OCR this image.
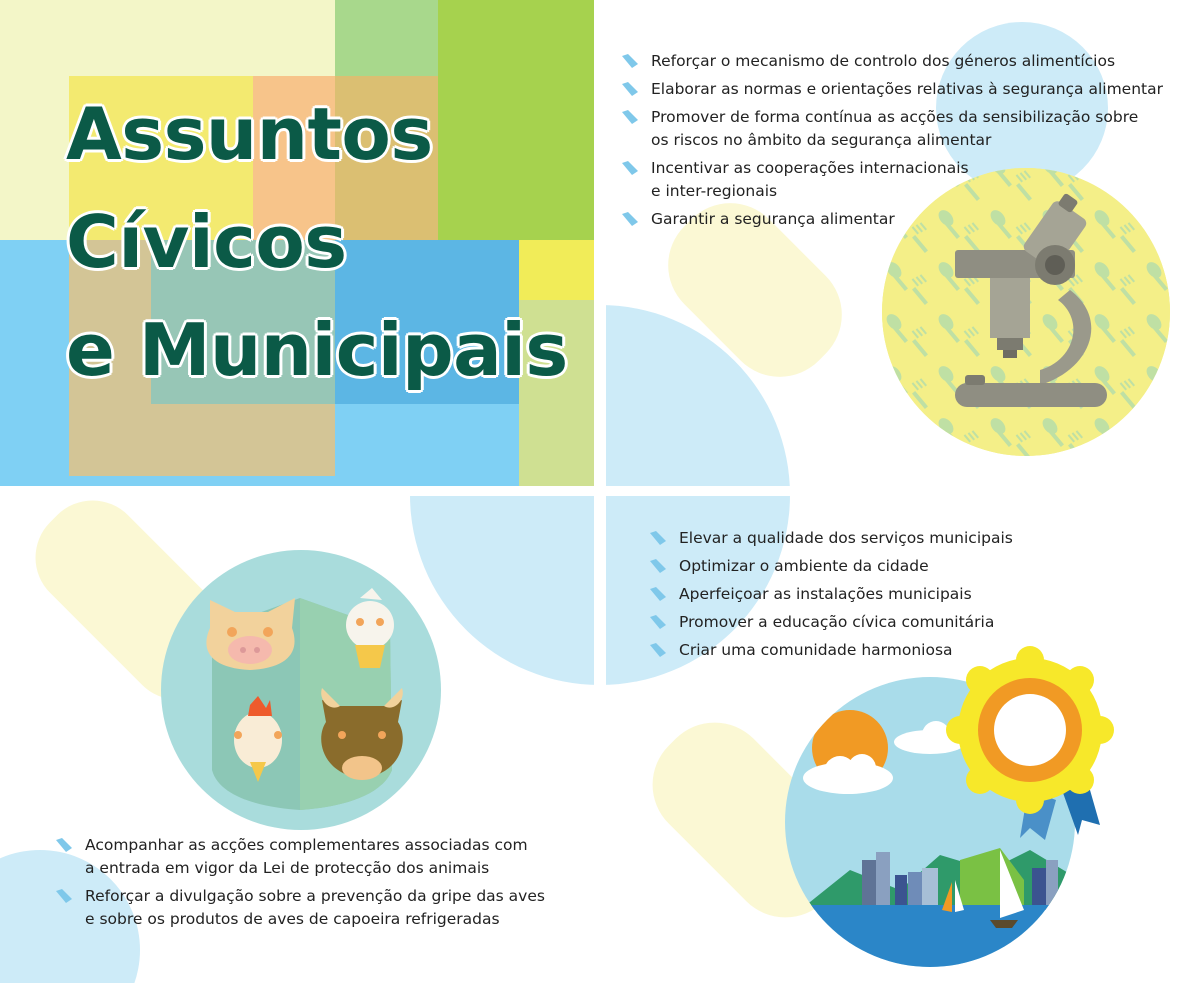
Assuntos
Cívicos
e Municipais
Reforçar o mecanismo de controlo dos géneros alimentícios
Elaborar as normas e orientações relativas à segurança alimentar
Promover de forma contínua as acções da sensibilização sobre
os riscos no âmbito da segurança alimentar
Incentivar as cooperações internacionais
e inter-regionais
Garantir a segurança alimentar
Elevar a qualidade dos serviços municipais
Optimizar o ambiente da cidade
Aperfeiçoar as instalações municipais
Promover a educação cívica comunitária
Criar uma comunidade harmoniosa
Acompanhar as acções complementares associadas com
a entrada em vigor da Lei de protecção dos animais
Reforçar a divulgação sobre a prevenção da gripe das aves
e sobre os produtos de aves de capoeira refrigeradas
